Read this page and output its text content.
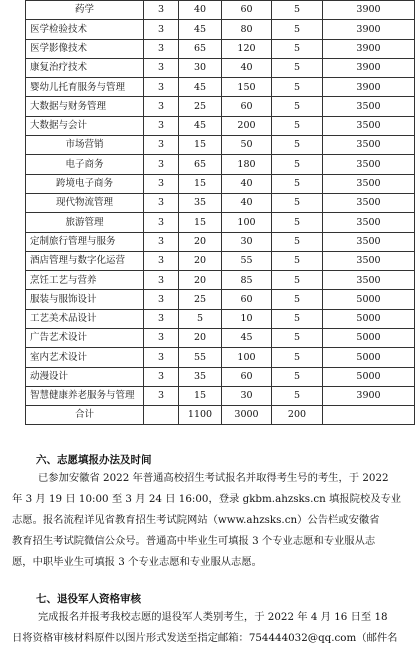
药学	3	40	60	5	3900
医学检验技术	3	45	80	5	3900
医学影像技术	3	65	120	5	3900
康复治疗技术	3	30	40	5	3900
婴幼儿托育服务与管理	3	45	150	5	3900
大数据与财务管理	3	25	60	5	3500
大数据与会计	3	45	200	5	3500
市场营销	3	15	50	5	3500
电子商务	3	65	180	5	3500
跨境电子商务	3	15	40	5	3500
现代物流管理	3	35	40	5	3500
旅游管理	3	15	100	5	3500
定制旅行管理与服务	3	20	30	5	3500
酒店管理与数字化运营	3	20	55	5	3500
烹饪工艺与营养	3	20	85	5	3500
服装与服饰设计	3	25	60	5	5000
工艺美术品设计	3	5	10	5	5000
广告艺术设计	3	20	45	5	5000
室内艺术设计	3	55	100	5	5000
动漫设计	3	35	60	5	5000
智慧健康养老服务与管理	3	15	30	5	3900
合计		1100	3000	200	
六、志愿填报办法及时间
已参加安徽省 2022 年普通高校招生考试报名并取得考生号的考生，于 2022
年 3 月 19 日 10:00 至 3 月 24 日 16:00，登录 gkbm.ahzsks.cn 填报院校及专业
志愿。报名流程详见省教育招生考试院网站（www.ahzsks.cn）公告栏或安徽省
教育招生考试院微信公众号。普通高中毕业生可填报 3 个专业志愿和专业服从志
愿，中职毕业生可填报 3 个专业志愿和专业服从志愿。
七、退役军人资格审核
完成报名并报考我校志愿的退役军人类别考生，于 2022 年 4 月 16 日至 18
日将资格审核材料原件以图片形式发送至指定邮箱：754444032@qq.com（邮件名
